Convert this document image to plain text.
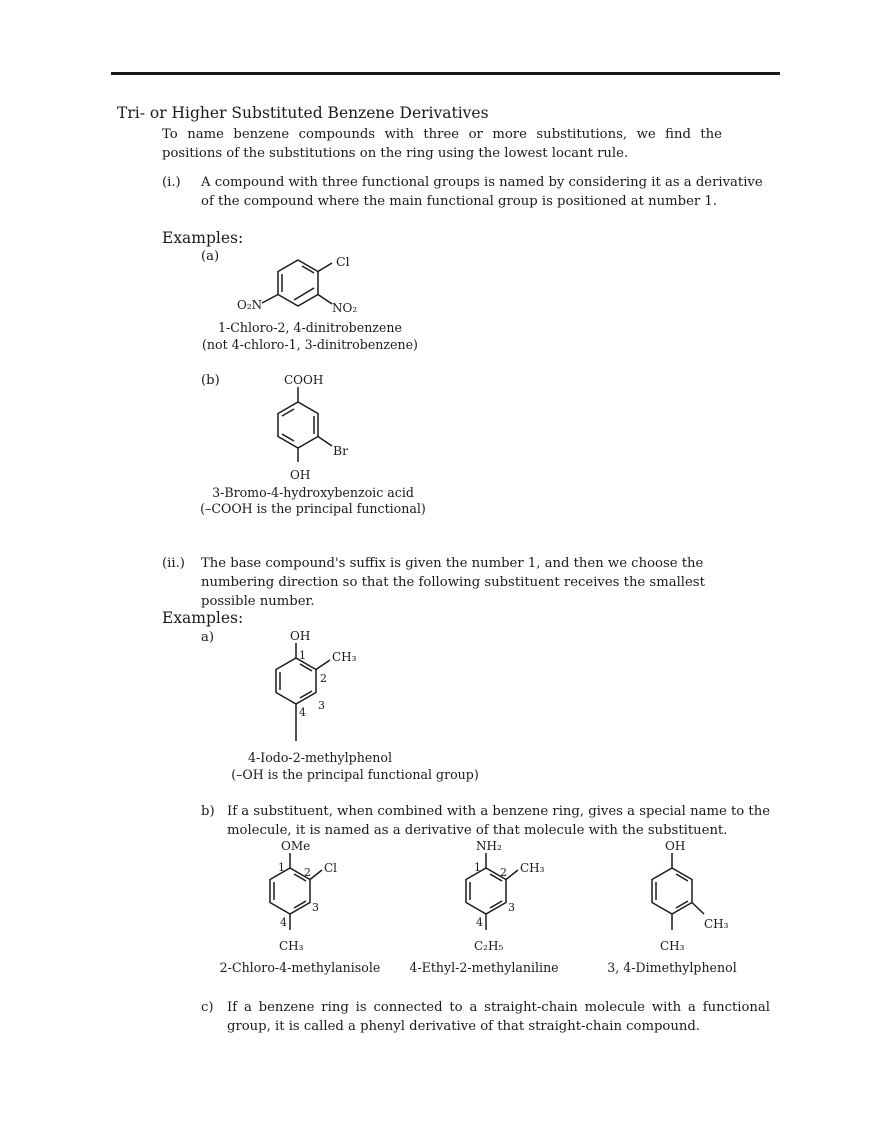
Tri- or Higher Substituted Benzene Derivatives
To name benzene compounds with three or more substitutions, we find the positions of the substitutions on the ring using the lowest locant rule.
(i.) A compound with three functional groups is named by considering it as a derivative of the compound where the main functional group is positioned at number 1.
Examples:
(a)	Cl
NO₂
O₂N
1-Chloro-2, 4-dinitrobenzene
(not 4-chloro-1, 3-dinitrobenzene)
(b)	COOH
Br
OH
3-Bromo-4-hydroxybenzoic acid
(–COOH is the principal functional)
(ii.) The base compound's suffix is given the number 1, and then we choose the numbering direction so that the following substituent receives the smallest possible number.
Examples:
a)	OH
CH₃
1
2
3
4
4-Iodo-2-methylphenol
(–OH is the principal functional group)
b) If a substituent, when combined with a benzene ring, gives a special name to the molecule, it is named as a derivative of that molecule with the substituent.
OMe
Cl
CH₃
1 2
3
4
2-Chloro-4-methylanisole
NH₂
CH₃
C₂H₅
1 2
3
4
4-Ethyl-2-methylaniline
OH
CH₃
CH₃
3, 4-Dimethylphenol
c) If a benzene ring is connected to a straight-chain molecule with a functional group, it is called a phenyl derivative of that straight-chain compound.
